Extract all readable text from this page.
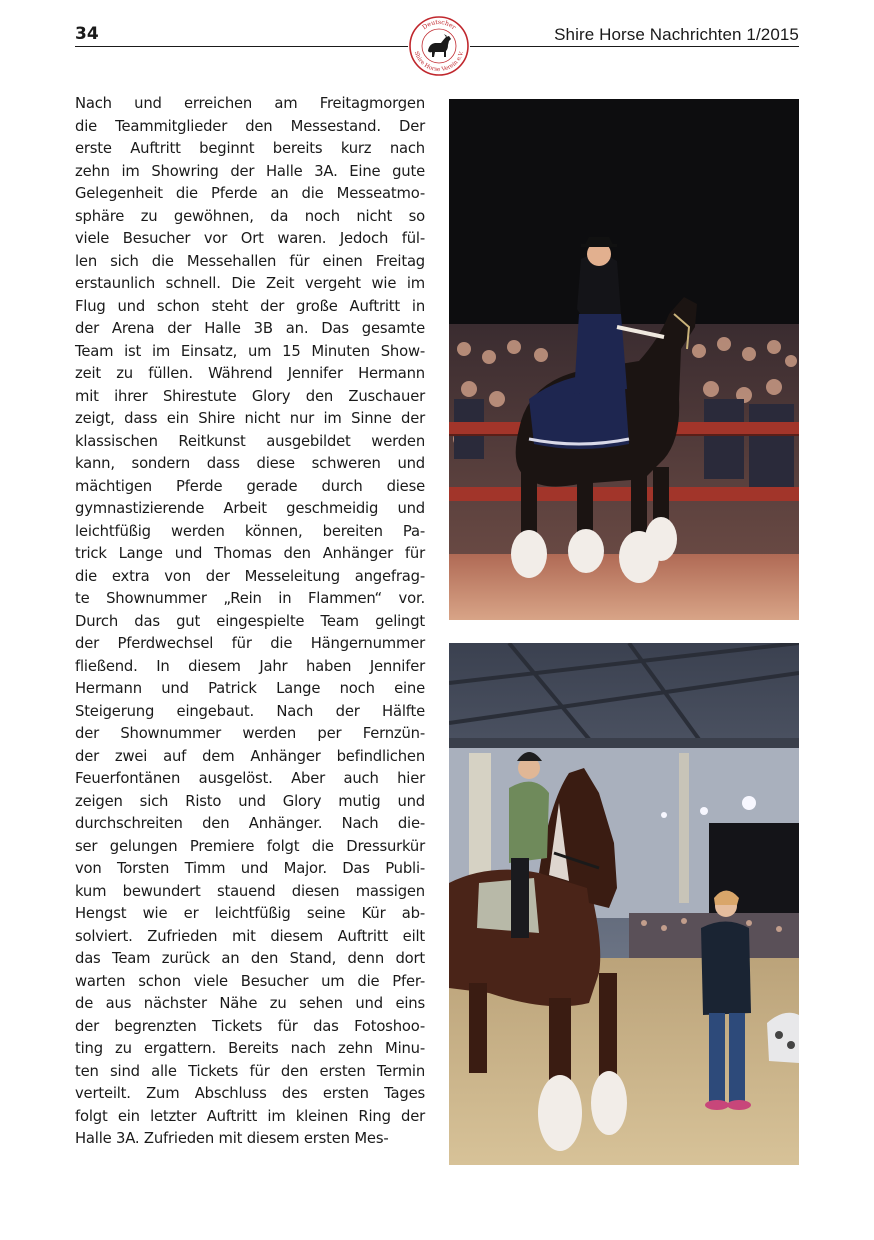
34	Shire Horse Nachrichten 1/2015
Deutscher
Shire Horse Verein e.V.
Nach und erreichen am Freitagmorgen
die Teammitglieder den Messestand. Der
erste Auftritt beginnt bereits kurz nach
zehn im Showring der Halle 3A. Eine gute
Gelegenheit die Pferde an die Messeatmo-
sphäre zu gewöhnen, da noch nicht so
viele Besucher vor Ort waren. Jedoch fül-
len sich die Messehallen für einen Freitag
erstaunlich schnell. Die Zeit vergeht wie im
Flug und schon steht der große Auftritt in
der Arena der Halle 3B an. Das gesamte
Team ist im Einsatz, um 15 Minuten Show-
zeit zu füllen. Während Jennifer Hermann
mit ihrer Shirestute Glory den Zuschauer
zeigt, dass ein Shire nicht nur im Sinne der
klassischen Reitkunst ausgebildet werden
kann, sondern dass diese schweren und
mächtigen Pferde gerade durch diese
gymnastizierende Arbeit geschmeidig und
leichtfüßig werden können, bereiten Pa-
trick Lange und Thomas den Anhänger für
die extra von der Messeleitung angefrag-
te Shownummer „Rein in Flammen“ vor.
Durch das gut eingespielte Team gelingt
der Pferdwechsel für die Hängernummer
fließend. In diesem Jahr haben Jennifer
Hermann und Patrick Lange noch eine
Steigerung eingebaut. Nach der Hälfte
der Shownummer werden per Fernzün-
der zwei auf dem Anhänger befindlichen
Feuerfontänen ausgelöst. Aber auch hier
zeigen sich Risto und Glory mutig und
durchschreiten den Anhänger. Nach die-
ser gelungen Premiere folgt die Dressurkür
von Torsten Timm und Major. Das Publi-
kum bewundert stauend diesen massigen
Hengst wie er leichtfüßig seine Kür ab-
solviert. Zufrieden mit diesem Auftritt eilt
das Team zurück an den Stand, denn dort
warten schon viele Besucher um die Pfer-
de aus nächster Nähe zu sehen und eins
der begrenzten Tickets für das Fotoshoo-
ting zu ergattern. Bereits nach zehn Minu-
ten sind alle Tickets für den ersten Termin
verteilt. Zum Abschluss des ersten Tages
folgt ein letzter Auftritt im kleinen Ring der
Halle 3A. Zufrieden mit diesem ersten Mes-
